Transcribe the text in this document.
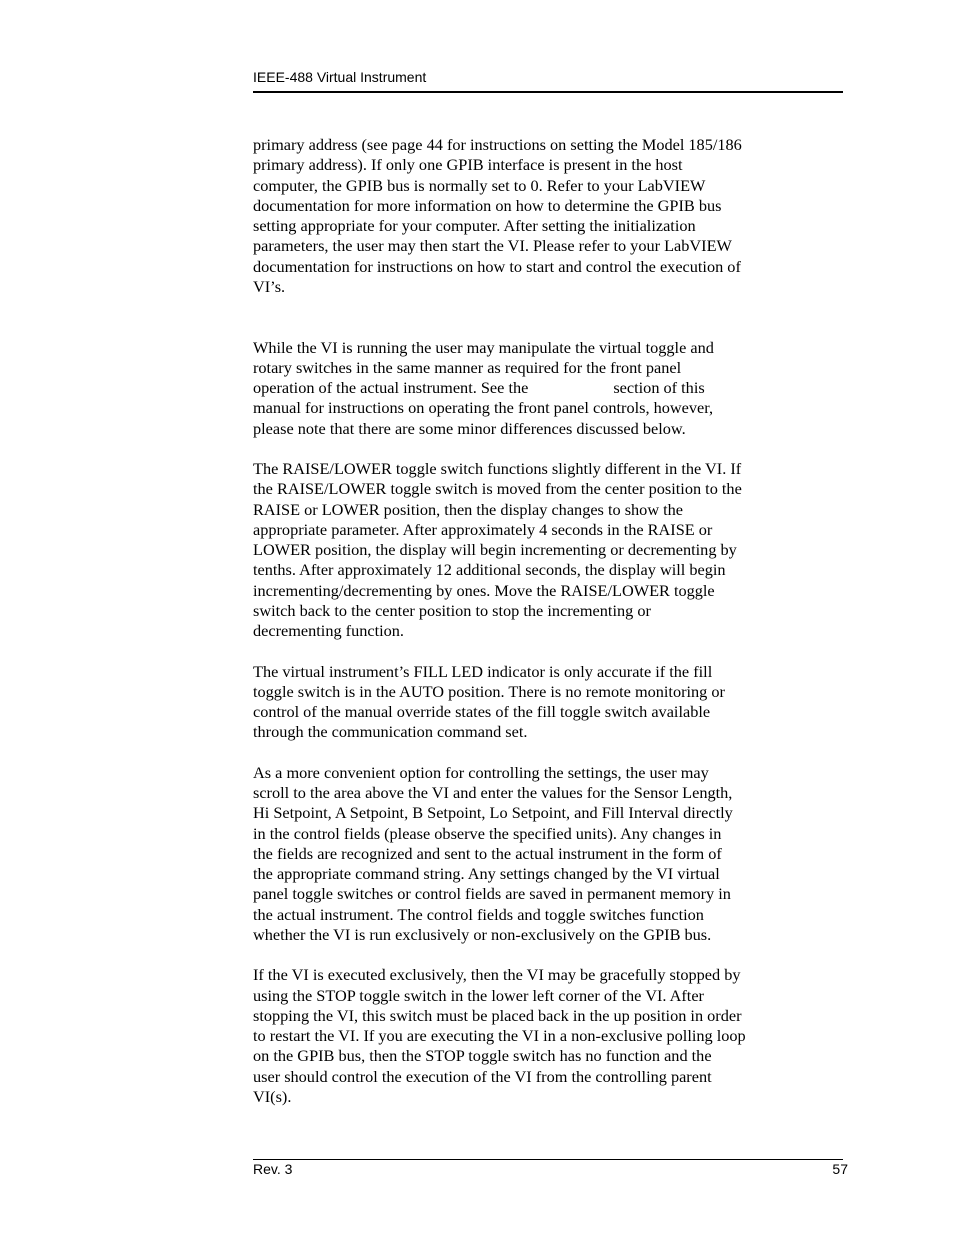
IEEE-488 Virtual Instrument
primary address (see page 44 for instructions on setting the Model 185/186
primary address). If only one GPIB interface is present in the host
computer, the GPIB bus is normally set to 0. Refer to your LabVIEW
documentation for more information on how to determine the GPIB bus
setting appropriate for your computer. After setting the initialization
parameters, the user may then start the VI. Please refer to your LabVIEW
documentation for instructions on how to start and control the execution of
VI’s.
While the VI is running the user may manipulate the virtual toggle and
rotary switches in the same manner as required for the front panel
operation of the actual instrument. See the	section of this
manual for instructions on operating the front panel controls, however,
please note that there are some minor differences discussed below.
The RAISE/LOWER toggle switch functions slightly different in the VI. If
the RAISE/LOWER toggle switch is moved from the center position to the
RAISE or LOWER position, then the display changes to show the
appropriate parameter. After approximately 4 seconds in the RAISE or
LOWER position, the display will begin incrementing or decrementing by
tenths. After approximately 12 additional seconds, the display will begin
incrementing/decrementing by ones. Move the RAISE/LOWER toggle
switch back to the center position to stop the incrementing or
decrementing function.
The virtual instrument’s FILL LED indicator is only accurate if the fill
toggle switch is in the AUTO position. There is no remote monitoring or
control of the manual override states of the fill toggle switch available
through the communication command set.
As a more convenient option for controlling the settings, the user may
scroll to the area above the VI and enter the values for the Sensor Length,
Hi Setpoint, A Setpoint, B Setpoint, Lo Setpoint, and Fill Interval directly
in the control fields (please observe the specified units). Any changes in
the fields are recognized and sent to the actual instrument in the form of
the appropriate command string. Any settings changed by the VI virtual
panel toggle switches or control fields are saved in permanent memory in
the actual instrument. The control fields and toggle switches function
whether the VI is run exclusively or non-exclusively on the GPIB bus.
If the VI is executed exclusively, then the VI may be gracefully stopped by
using the STOP toggle switch in the lower left corner of the VI. After
stopping the VI, this switch must be placed back in the up position in order
to restart the VI. If you are executing the VI in a non-exclusive polling loop
on the GPIB bus, then the STOP toggle switch has no function and the
user should control the execution of the VI from the controlling parent
VI(s).
Rev. 3	57
